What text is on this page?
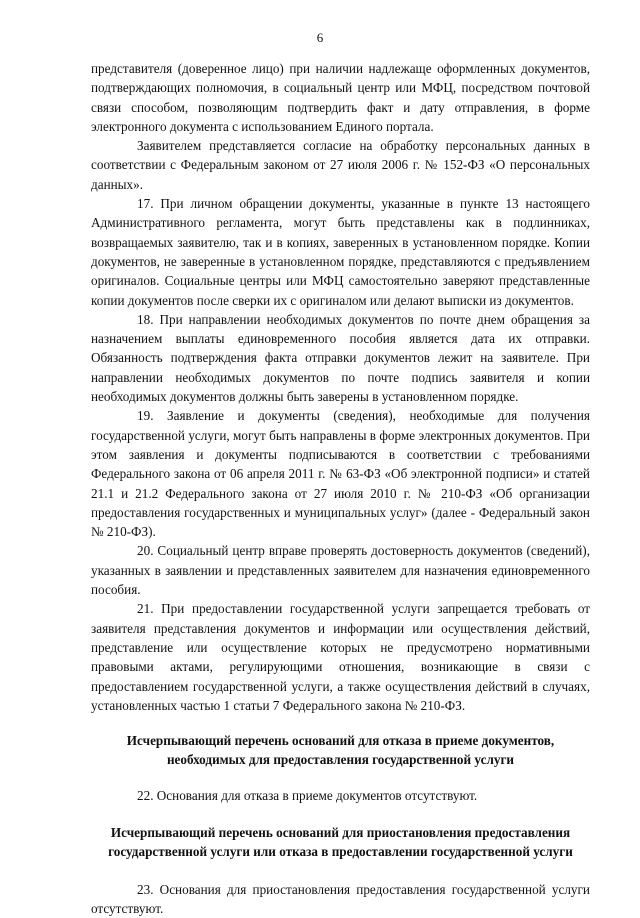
6

представителя (доверенное лицо) при наличии надлежаще оформленных документов, подтверждающих полномочия, в социальный центр или МФЦ, посредством почтовой связи способом, позволяющим подтвердить факт и дату отправления, в форме электронного документа с использованием Единого портала.

Заявителем представляется согласие на обработку персональных данных в соответствии с Федеральным законом от 27 июля 2006 г. № 152-ФЗ «О персональных данных».

17. При личном обращении документы, указанные в пункте 13 настоящего Административного регламента, могут быть представлены как в подлинниках, возвращаемых заявителю, так и в копиях, заверенных в установленном порядке. Копии документов, не заверенные в установленном порядке, представляются с предъявлением оригиналов. Социальные центры или МФЦ самостоятельно заверяют представленные копии документов после сверки их с оригиналом или делают выписки из документов.

18. При направлении необходимых документов по почте днем обращения за назначением выплаты единовременного пособия является дата их отправки. Обязанность подтверждения факта отправки документов лежит на заявителе. При направлении необходимых документов по почте подпись заявителя и копии необходимых документов должны быть заверены в установленном порядке.

19. Заявление и документы (сведения), необходимые для получения государственной услуги, могут быть направлены в форме электронных документов. При этом заявления и документы подписываются в соответствии с требованиями Федерального закона от 06 апреля 2011 г. № 63-ФЗ «Об электронной подписи» и статей 21.1 и 21.2 Федерального закона от 27 июля 2010 г. № 210-ФЗ «Об организации предоставления государственных и муниципальных услуг» (далее - Федеральный закон № 210-ФЗ).

20. Социальный центр вправе проверять достоверность документов (сведений), указанных в заявлении и представленных заявителем для назначения единовременного пособия.

21. При предоставлении государственной услуги запрещается требовать от заявителя представления документов и информации или осуществления действий, представление или осуществление которых не предусмотрено нормативными правовыми актами, регулирующими отношения, возникающие в связи с предоставлением государственной услуги, а также осуществления действий в случаях, установленных частью 1 статьи 7 Федерального закона № 210-ФЗ.

Исчерпывающий перечень оснований для отказа в приеме документов,

необходимых для предоставления государственной услуги

22. Основания для отказа в приеме документов отсутствуют.

Исчерпывающий перечень оснований для приостановления предоставления

государственной услуги или отказа в предоставлении государственной услуги

23. Основания для приостановления предоставления государственной услуги отсутствуют.
